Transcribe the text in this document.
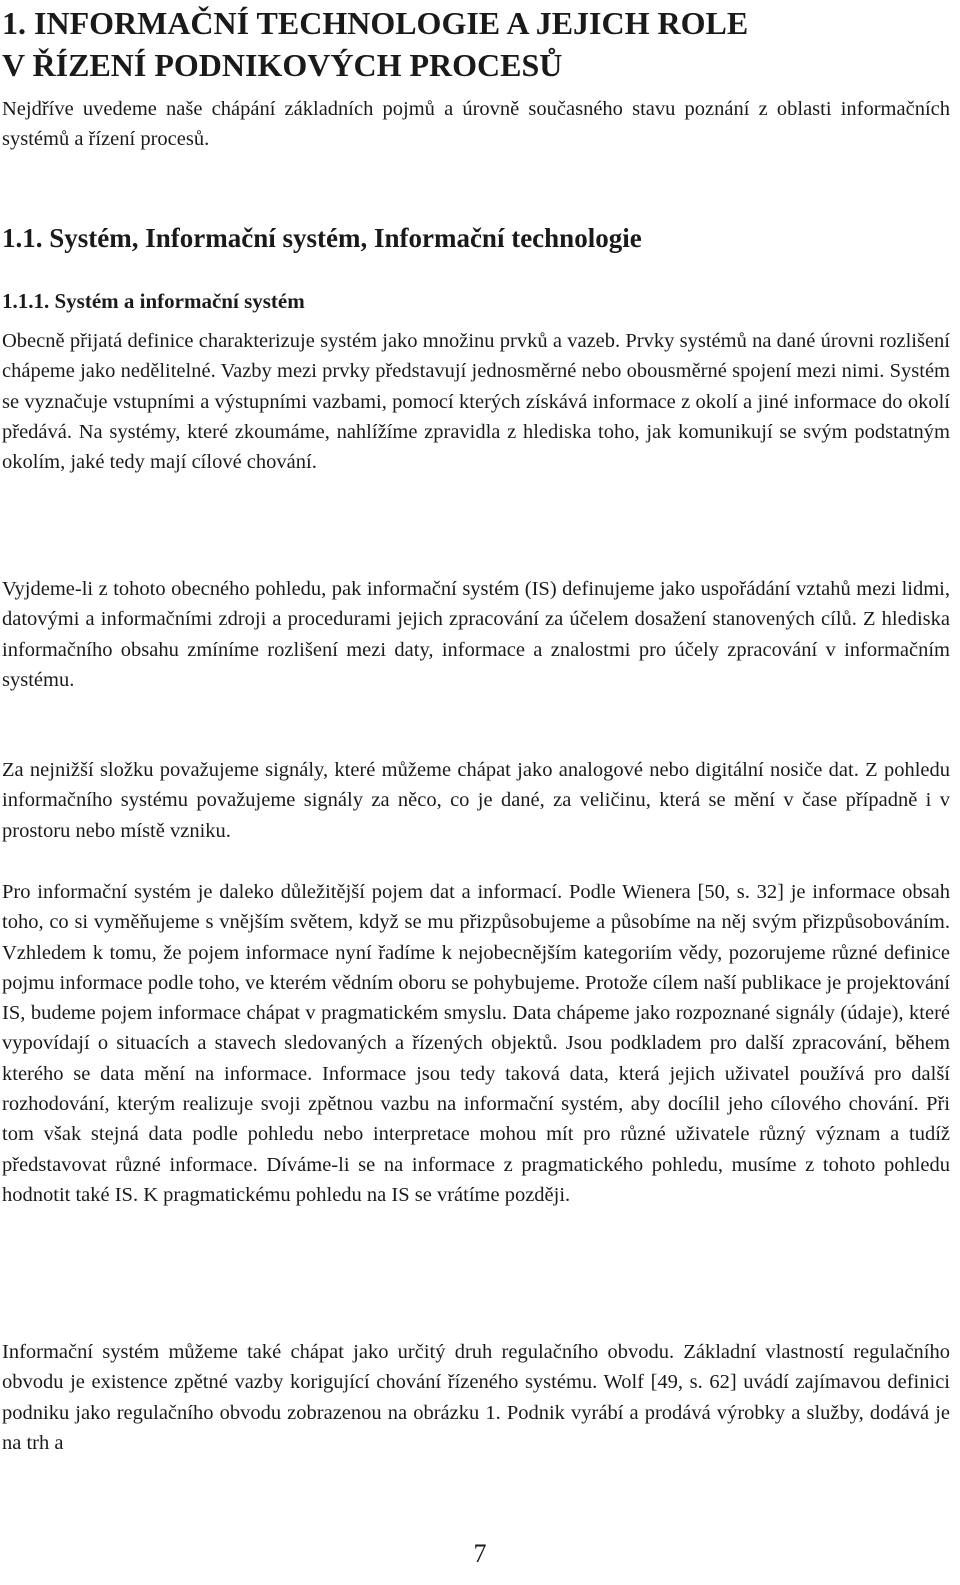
1. INFORMAČNÍ TECHNOLOGIE A JEJICH ROLE
V ŘÍZENÍ PODNIKOVÝCH PROCESŮ

Nejdříve uvedeme naše chápání základních pojmů a úrovně současného stavu poznání z oblasti informačních systémů a řízení procesů.

1.1. Systém, Informační systém, Informační technologie
1.1.1. Systém a informační systém

Obecně přijatá definice charakterizuje systém jako množinu prvků a vazeb. Prvky systémů na dané úrovni rozlišení chápeme jako nedělitelné. Vazby mezi prvky představují jednosměrné nebo obousměrné spojení mezi nimi. Systém se vyznačuje vstupními a výstupními vazbami, pomocí kterých získává informace z okolí a jiné informace do okolí předává. Na systémy, které zkoumáme, nahlížíme zpravidla z hlediska toho, jak komunikují se svým podstatným okolím, jaké tedy mají cílové chování.

Vyjdeme-li z tohoto obecného pohledu, pak informační systém (IS) definujeme jako uspořádání vztahů mezi lidmi, datovými a informačními zdroji a procedurami jejich zpracování za účelem dosažení stanovených cílů. Z hlediska informačního obsahu zmíníme rozlišení mezi daty, informace a znalostmi pro účely zpracování v informačním systému.

Za nejnižší složku považujeme signály, které můžeme chápat jako analogové nebo digitální nosiče dat. Z pohledu informačního systému považujeme signály za něco, co je dané, za veličinu, která se mění v čase případně i v prostoru nebo místě vzniku.

Pro informační systém je daleko důležitější pojem dat a informací. Podle Wienera [50, s. 32] je informace obsah toho, co si vyměňujeme s vnějším světem, když se mu přizpůsobujeme a působíme na něj svým přizpůsobováním. Vzhledem k tomu, že pojem informace nyní řadíme k nejobecnějším kategoriím vědy, pozorujeme různé definice pojmu informace podle toho, ve kterém vědním oboru se pohybujeme. Protože cílem naší publikace je projektování IS, budeme pojem informace chápat v pragmatickém smyslu. Data chápeme jako rozpoznané signály (údaje), které vypovídají o situacích a stavech sledovaných a řízených objektů. Jsou podkladem pro další zpracování, během kterého se data mění na informace. Informace jsou tedy taková data, která jejich uživatel používá pro další rozhodování, kterým realizuje svoji zpětnou vazbu na informační systém, aby docílil jeho cílového chování. Při tom však stejná data podle pohledu nebo interpretace mohou mít pro různé uživatele různý význam a tudíž představovat různé informace. Díváme-li se na informace z pragmatického pohledu, musíme z tohoto pohledu hodnotit také IS. K pragmatickému pohledu na IS se vrátíme později.

Informační systém můžeme také chápat jako určitý druh regulačního obvodu. Základní vlastností regulačního obvodu je existence zpětné vazby korigující chování řízeného systému. Wolf [49, s. 62] uvádí zajímavou definici podniku jako regulačního obvodu zobrazenou na obrázku 1. Podnik vyrábí a prodává výrobky a služby, dodává je na trh a

7
